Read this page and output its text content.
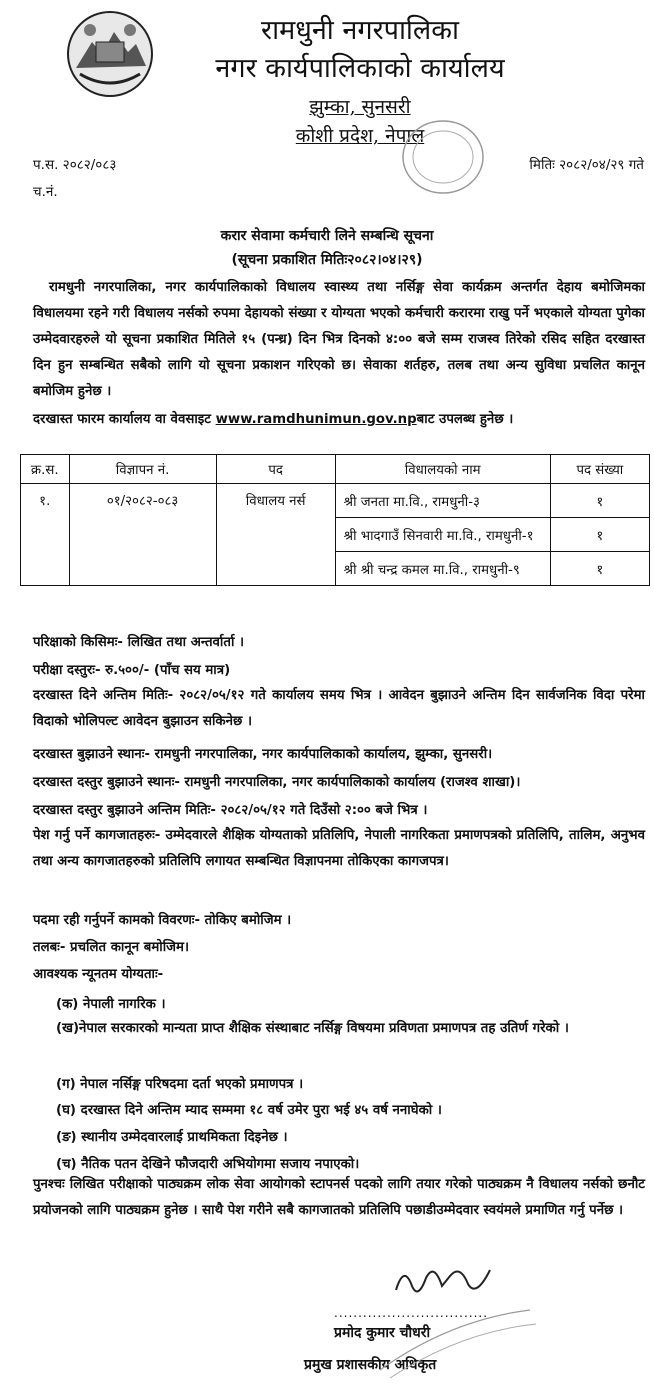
रामधुनी नगरपालिका
नगर कार्यपालिकाको कार्यालय
झुम्का, सुनसरी
कोशी प्रदेश, नेपाल
प.स. २०८२/०८३
च.नं.
मितिः २०८२/०४/२९ गते
करार सेवामा कर्मचारी लिने सम्बन्धि सूचना
(सूचना प्रकाशित मितिः२०८२।०४।२९)
रामधुनी नगरपालिका, नगर कार्यपालिकाको विधालय स्वास्थ्य तथा नर्सिङ्ग सेवा कार्यक्रम अन्तर्गत देहाय बमोजिमका विधालयमा रहने गरी विधालय नर्सको रुपमा देहायको संख्या र योग्यता भएको कर्मचारी करारमा राखु पर्ने भएकाले योग्यता पुगेका उम्मेदवारहरुले यो सूचना प्रकाशित मितिले १५ (पन्ध्र) दिन भित्र दिनको ४:०० बजे सम्म राजस्व तिरेको रसिद सहित दरखास्त दिन हुन सम्बन्धित सबैको लागि यो सूचना प्रकाशन गरिएको छ। सेवाका शर्तहरु, तलब तथा अन्य सुविधा प्रचलित कानून बमोजिम हुनेछ ।
दरखास्त फारम कार्यालय वा वेवसाइट www.ramdhunimun.gov.npबाट उपलब्ध हुनेछ ।
क्र.स.	विज्ञापन नं.	पद	विधालयको नाम	पद संख्या
१.	०१/२०८२-०८३	विधालय नर्स	श्री जनता मा.वि., रामधुनी-३	१
			श्री भादगाउँ सिनवारी मा.वि., रामधुनी-१	१
			श्री श्री चन्द्र कमल मा.वि., रामधुनी-९	१
परिक्षाको किसिमः- लिखित तथा अन्तर्वार्ता ।
परीक्षा दस्तुरः- रु.५००/- (पाँच सय मात्र)
दरखास्त दिने अन्तिम मितिः- २०८२/०५/१२ गते कार्यालय समय भित्र । आवेदन बुझाउने अन्तिम दिन सार्वजनिक विदा परेमा विदाको भोलिपल्ट आवेदन बुझाउन सकिनेछ ।
दरखास्त बुझाउने स्थानः- रामधुनी नगरपालिका, नगर कार्यपालिकाको कार्यालय, झुम्का, सुनसरी।
दरखास्त दस्तुर बुझाउने स्थानः- रामधुनी नगरपालिका, नगर कार्यपालिकाको कार्यालय (राजश्व शाखा)।
दरखास्त दस्तुर बुझाउने अन्तिम मितिः- २०८२/०५/१२ गते दिउँसो २:०० बजे भित्र ।
पेश गर्नु पर्ने कागजातहरुः- उम्मेदवारले शैक्षिक योग्यताको प्रतिलिपि, नेपाली नागरिकता प्रमाणपत्रको प्रतिलिपि, तालिम, अनुभव तथा अन्य कागजातहरुको प्रतिलिपि लगायत सम्बन्धित विज्ञापनमा तोकिएका कागजपत्र।
पदमा रही गर्नुपर्ने कामको विवरणः- तोकिए बमोजिम ।
तलबः- प्रचलित कानून बमोजिम।
आवश्यक न्यूनतम योग्यताः-
(क) नेपाली नागरिक ।
(ख)नेपाल सरकारको मान्यता प्राप्त शैक्षिक संस्थाबाट नर्सिङ्ग विषयमा प्रविणता प्रमाणपत्र तह उतिर्ण गरेको ।
(ग) नेपाल नर्सिङ्ग परिषदमा दर्ता भएको प्रमाणपत्र ।
(घ) दरखास्त दिने अन्तिम म्याद सम्ममा १८ वर्ष उमेर पुरा भई ४५ वर्ष ननाघेको ।
(ङ) स्थानीय उम्मेदवारलाई प्राथमिकता दिइनेछ ।
(च) नैतिक पतन देखिने फौजदारी अभियोगमा सजाय नपाएको।
पुनश्चः लिखित परीक्षाको पाठ्यक्रम लोक सेवा आयोगको स्टापनर्स पदको लागि तयार गरेको पाठ्यक्रम नै विधालय नर्सको छनौट प्रयोजनको लागि पाठ्यक्रम हुनेछ । साथै पेश गरीने सबै कागजातको प्रतिलिपि पछाडीउम्मेदवार स्वयंमले प्रमाणित गर्नु पर्नेछ ।
................................
प्रमोद कुमार चौधरी
प्रमुख प्रशासकीय अधिकृत
